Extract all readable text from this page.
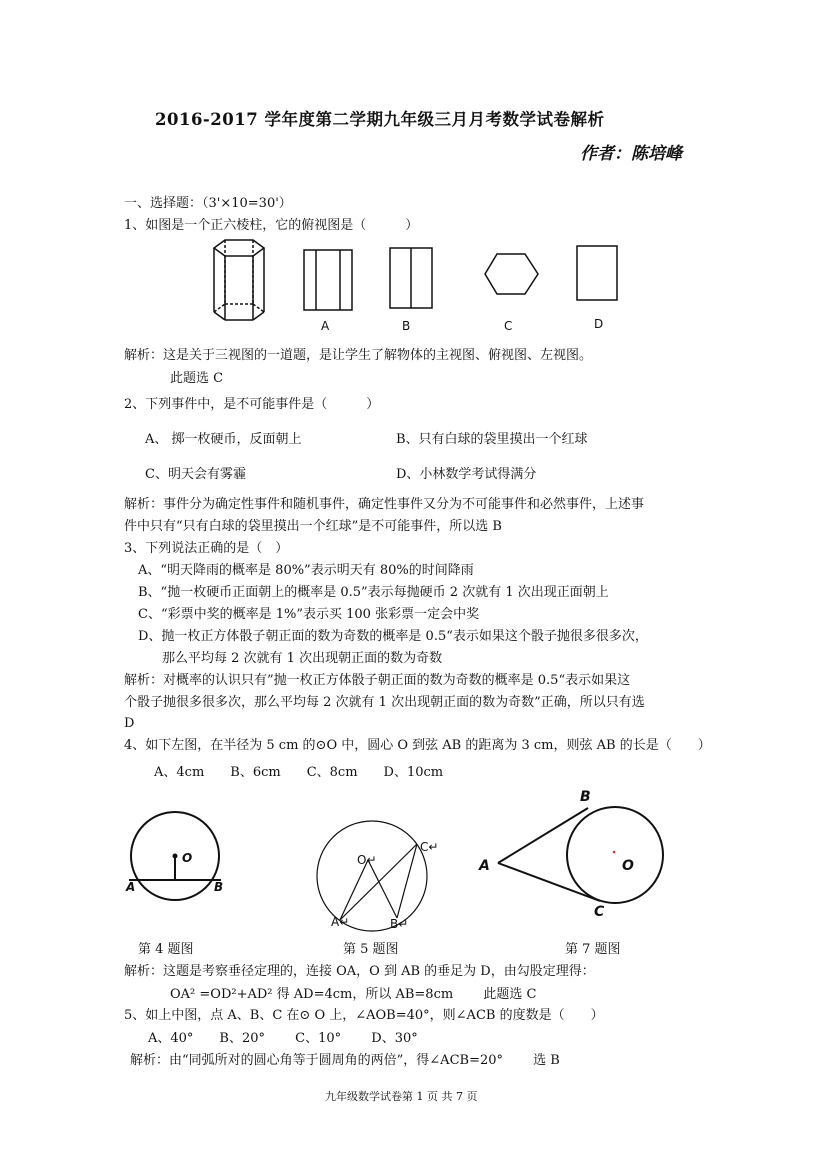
2016-2017 学年度第二学期九年级三月月考数学试卷解析
作者：陈培峰
一、选择题：（3'×10=30'）
1、如图是一个正六棱柱，它的俯视图是（　　　）
A	B	C	D
解析：这是关于三视图的一道题，是让学生了解物体的主视图、俯视图、左视图。
此题选 C
2、下列事件中，是不可能事件是（　　　）
A、 掷一枚硬币，反面朝上	B、只有白球的袋里摸出一个红球
C、明天会有雾霾	D、小林数学考试得满分
解析：事件分为确定性事件和随机事件，确定性事件又分为不可能事件和必然事件，上述事
件中只有“只有白球的袋里摸出一个红球”是不可能事件，所以选 B
3、下列说法正确的是（　）
A、“明天降雨的概率是 80%”表示明天有 80%的时间降雨
B、“抛一枚硬币正面朝上的概率是 0.5”表示每抛硬币 2 次就有 1 次出现正面朝上
C、“彩票中奖的概率是 1%”表示买 100 张彩票一定会中奖
D、抛一枚正方体骰子朝正面的数为奇数的概率是 0.5“表示如果这个骰子抛很多很多次，
那么平均每 2 次就有 1 次出现朝正面的数为奇数
解析：对概率的认识只有”抛一枚正方体骰子朝正面的数为奇数的概率是 0.5“表示如果这
个骰子抛很多很多次，那么平均每 2 次就有 1 次出现朝正面的数为奇数”正确，所以只有选
D
4、如下左图，在半径为 5 cm 的⊙O 中，圆心 O 到弦 AB 的距离为 3 cm，则弦 AB 的长是（　　）
A、4cm　　B、6cm　　C、8cm　　D、10cm
O
A	B
O↵
A↵	B↵
C↵
B
A	O
C
第 4 题图	第 5 题图	第 7 题图
解析：这题是考察垂径定理的，连接 OA，O 到 AB 的垂足为 D，由勾股定理得：
OA² =OD²+AD² 得 AD=4cm，所以 AB=8cm　　 此题选 C
5、如上中图，点 A、B、C 在⊙ O 上，∠AOB=40°，则∠ACB 的度数是（　　）
A、40°　　B、20°　　 C、10°　　 D、30°
解析：由“同弧所对的圆心角等于圆周角的两倍”，得∠ACB=20°　　 选 B
九年级数学试卷第 1 页 共 7 页
